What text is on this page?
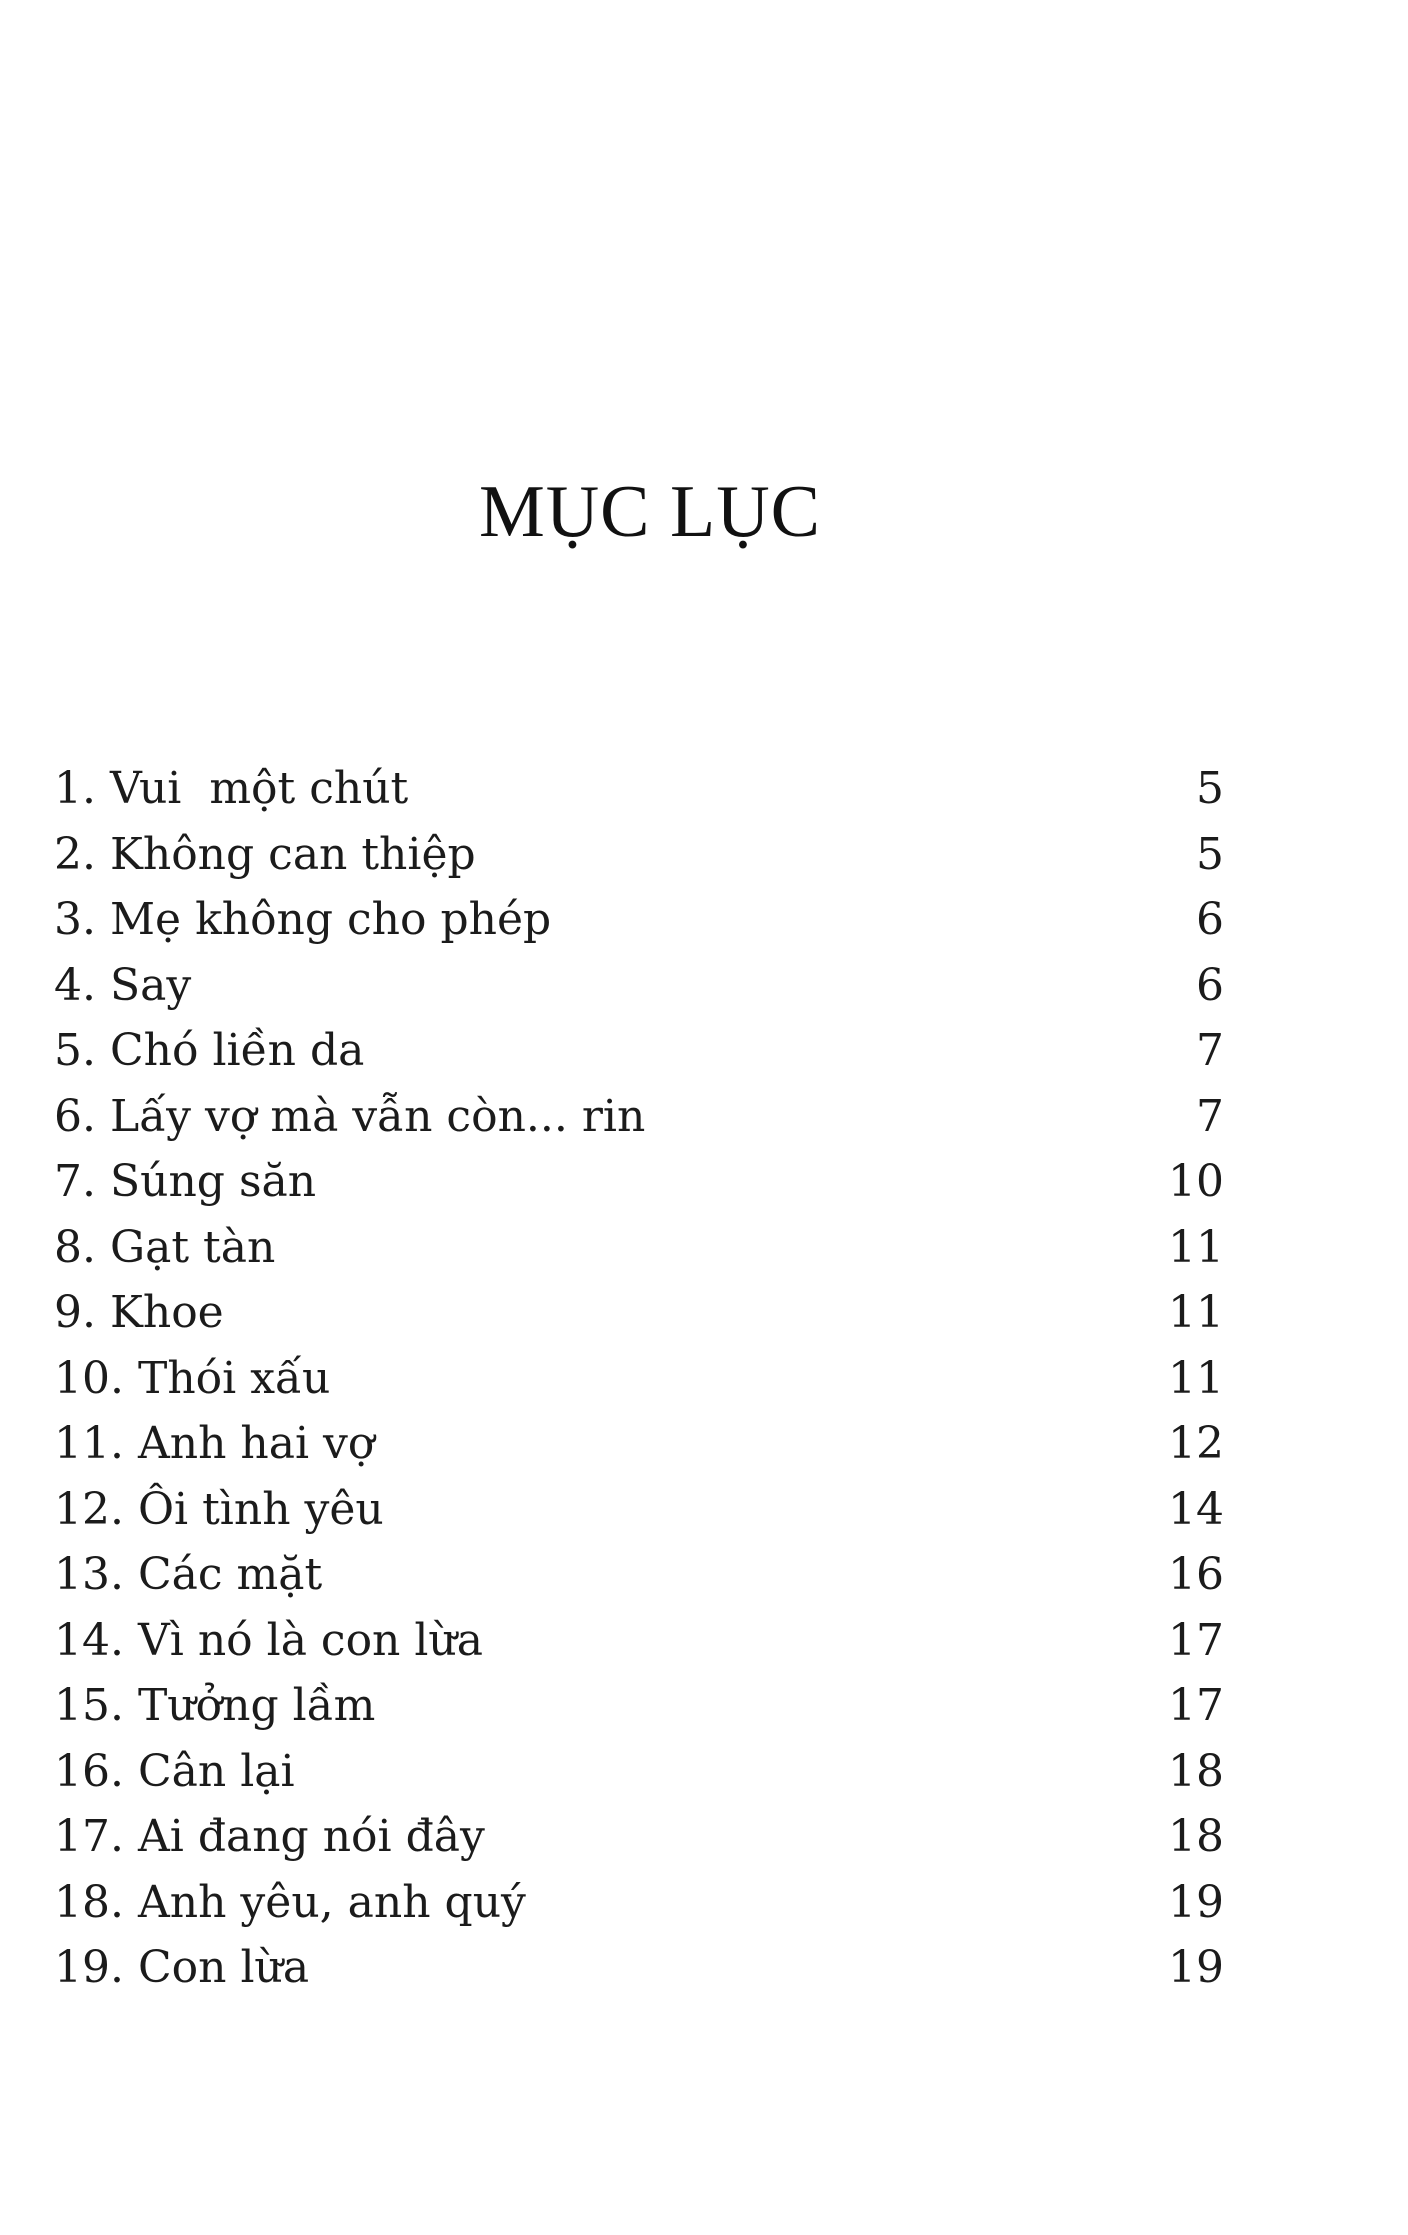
MỤC LỤC
1. Vui  một chút	5
2. Không can thiệp	5
3. Mẹ không cho phép	6
4. Say	6
5. Chó liền da	7
6. Lấy vợ mà vẫn còn... rin	7
7. Súng săn	10
8. Gạt tàn	11
9. Khoe	11
10. Thói xấu	11
11. Anh hai vợ	12
12. Ôi tình yêu	14
13. Các mặt	16
14. Vì nó là con lừa	17
15. Tưởng lầm	17
16. Cân lại	18
17. Ai đang nói đây	18
18. Anh yêu, anh quý	19
19. Con lừa	19
